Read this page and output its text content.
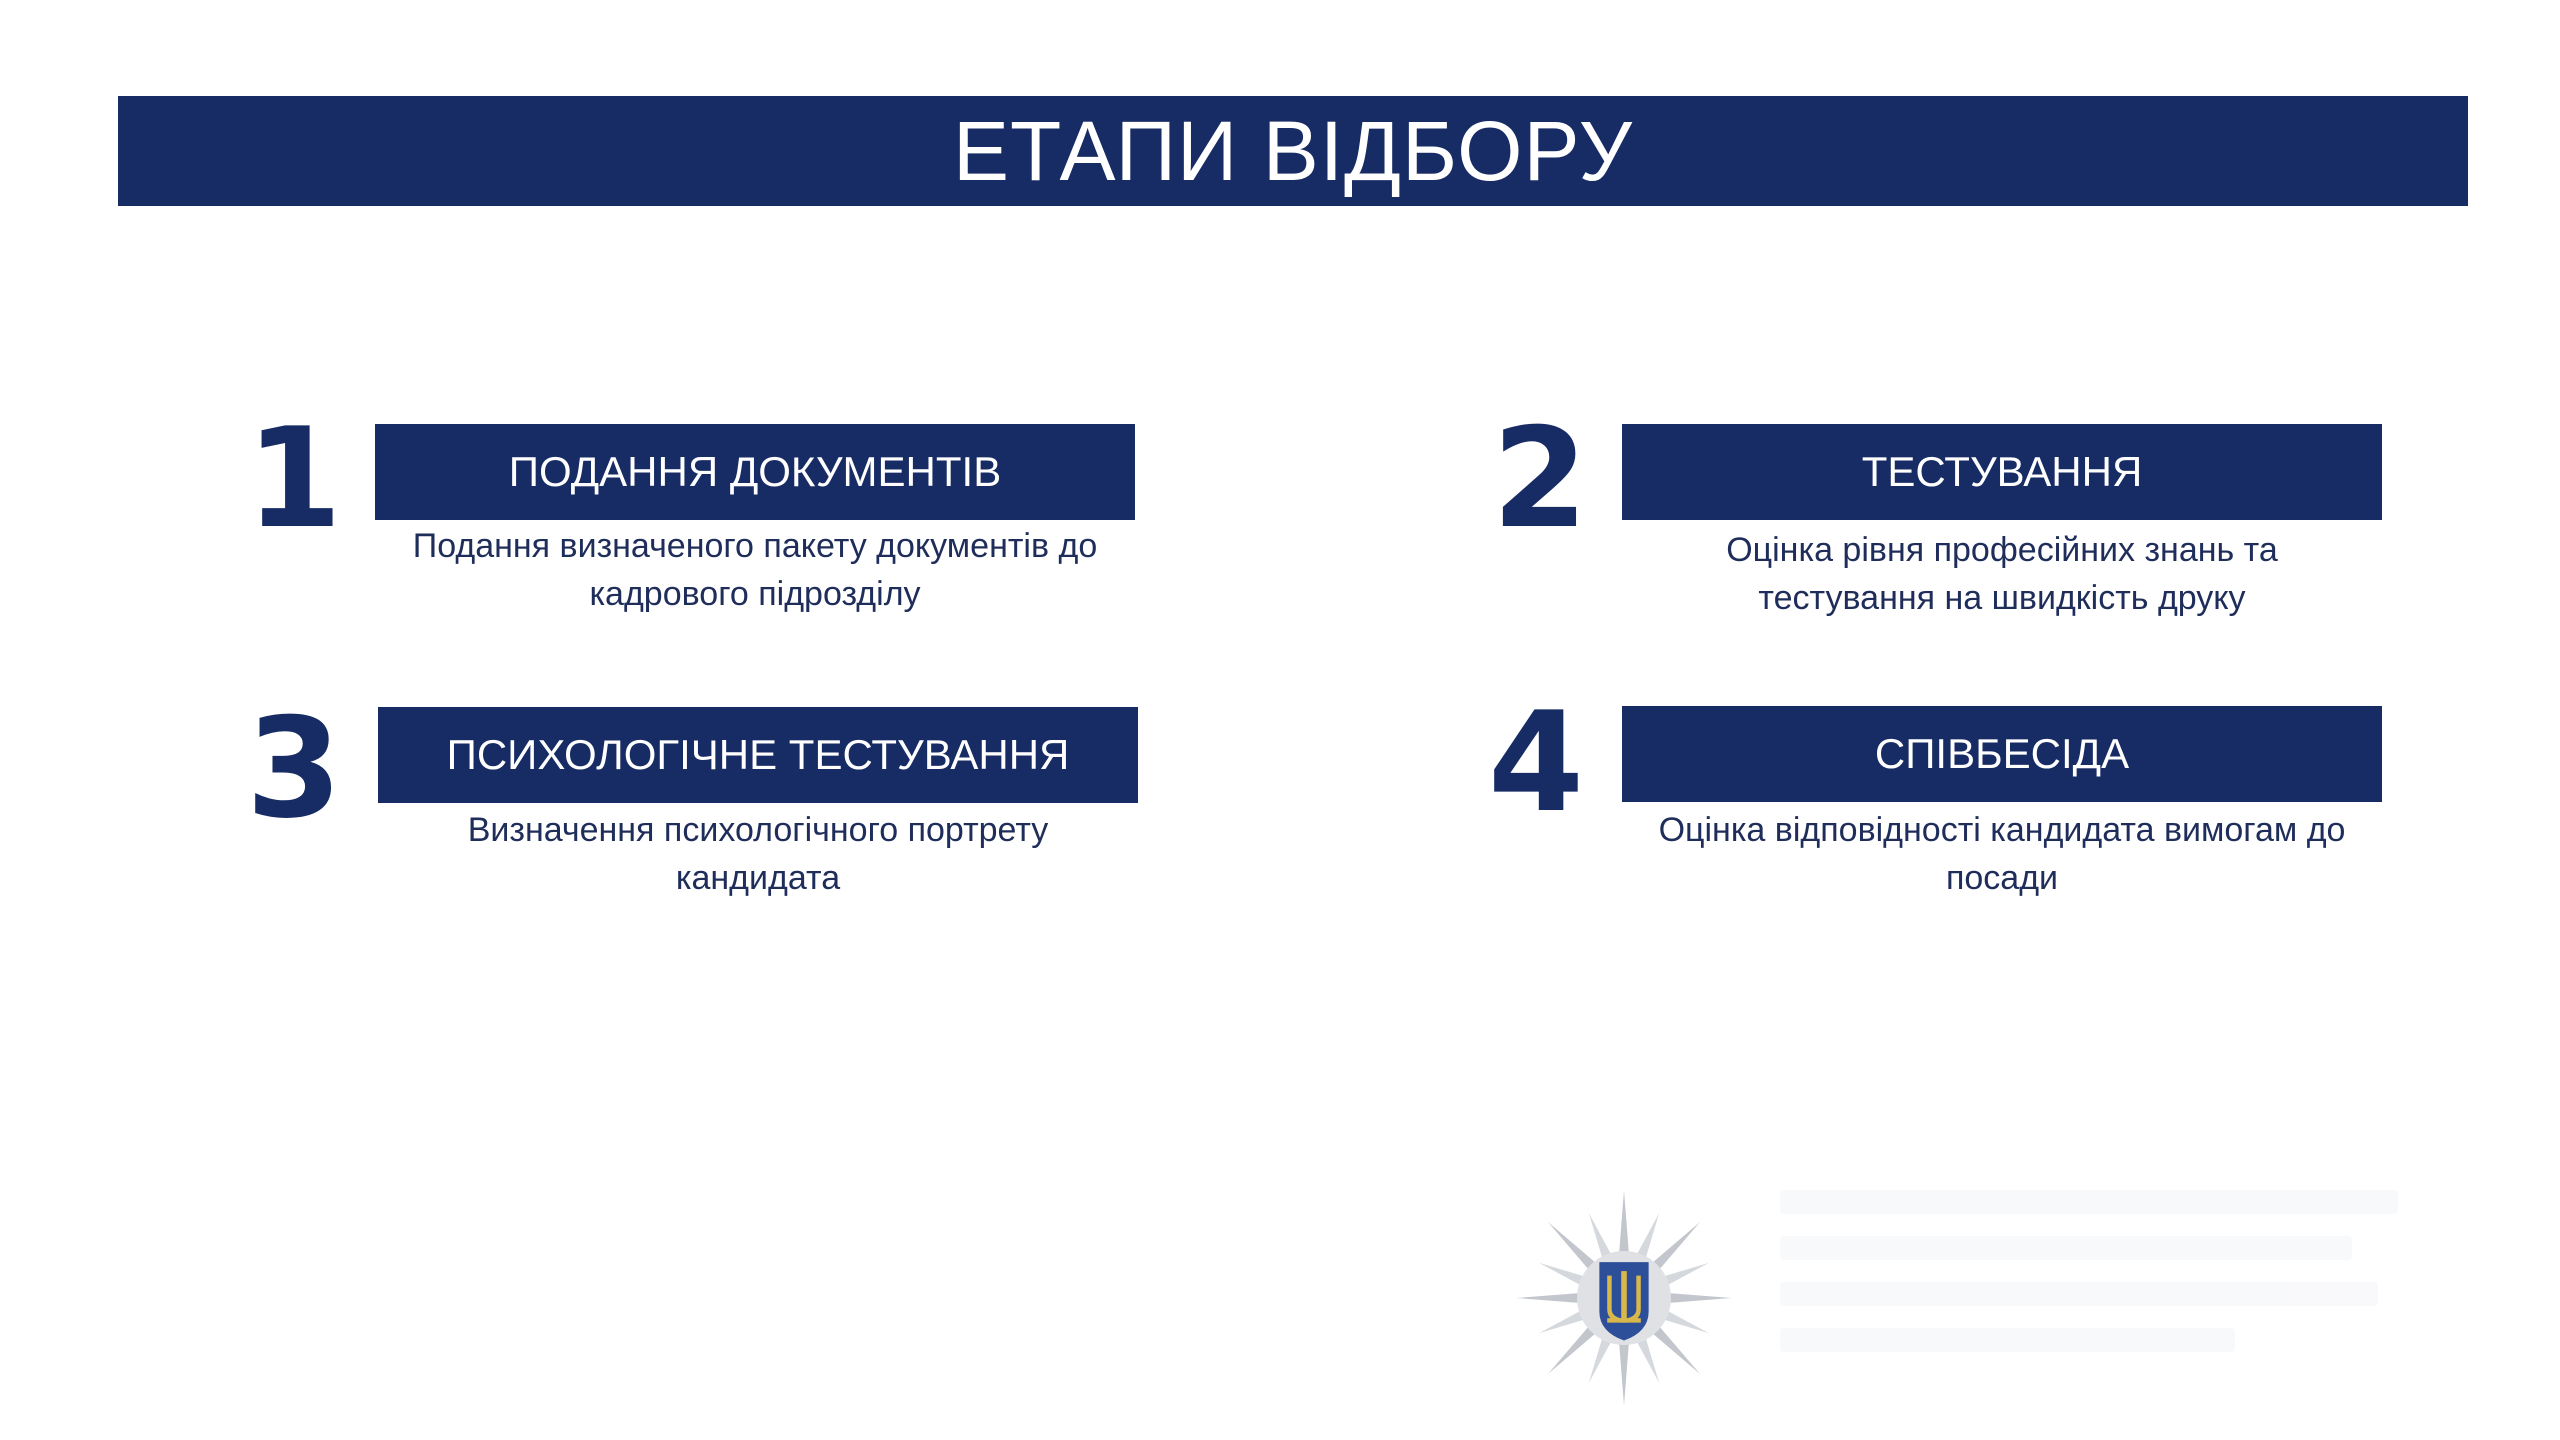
ЕТАПИ ВІДБОРУ
1	ПОДАННЯ ДОКУМЕНТІВ
Подання визначеного пакету документів до
кадрового підрозділу
2	ТЕСТУВАННЯ
Оцінка рівня професійних знань та
тестування на швидкість друку
3 ПСИХОЛОГІЧНЕ ТЕСТУВАННЯ
Визначення психологічного портрету
кандидата
4	СПІВБЕСІДА
Оцінка відповідності кандидата вимогам до
посади
